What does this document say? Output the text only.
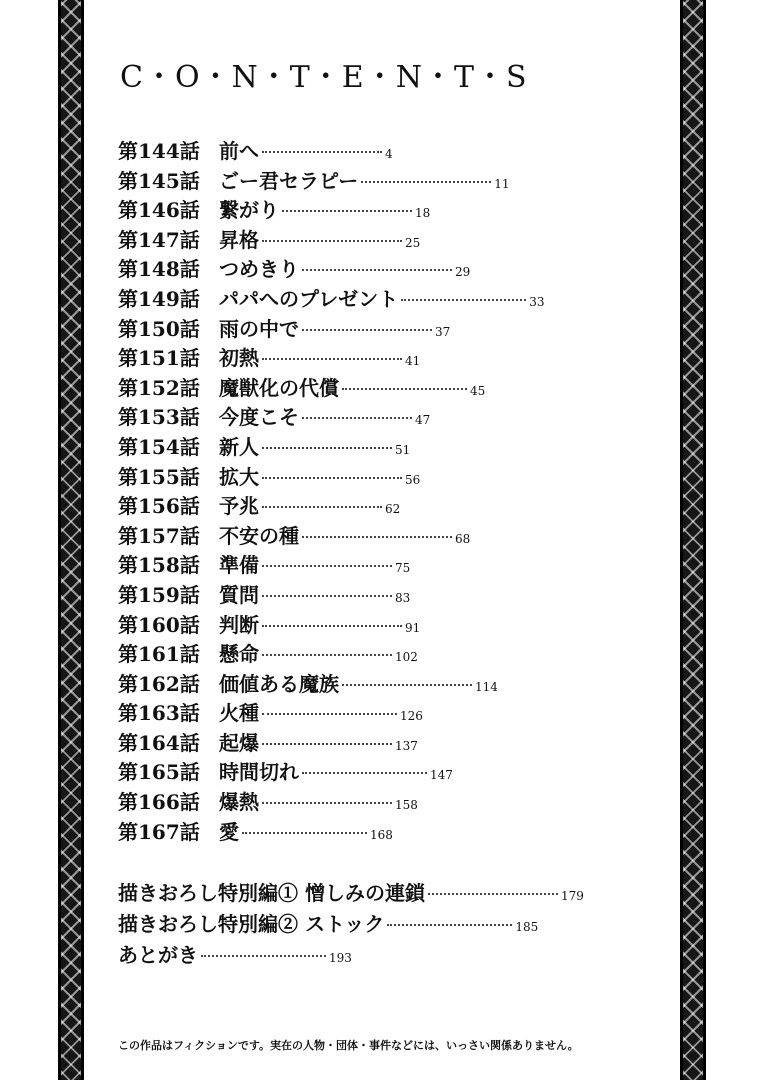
C・O・N・T・E・N・T・S
第144話 前へ	4
第145話 ごー君セラピー	11
第146話 繋がり	18
第147話 昇格	25
第148話 つめきり	29
第149話 パパへのプレゼント	33
第150話 雨の中で	37
第151話 初熱	41
第152話 魔獣化の代償	45
第153話 今度こそ	47
第154話 新人	51
第155話 拡大	56
第156話 予兆	62
第157話 不安の種	68
第158話 準備	75
第159話 質問	83
第160話 判断	91
第161話 懸命	102
第162話 価値ある魔族	114
第163話 火種	126
第164話 起爆	137
第165話 時間切れ	147
第166話 爆熱	158
第167話 愛	168
描きおろし特別編① 憎しみの連鎖	179
描きおろし特別編② ストック	185
あとがき	193
この作品はフィクションです。実在の人物・団体・事件などには、いっさい関係ありません。
